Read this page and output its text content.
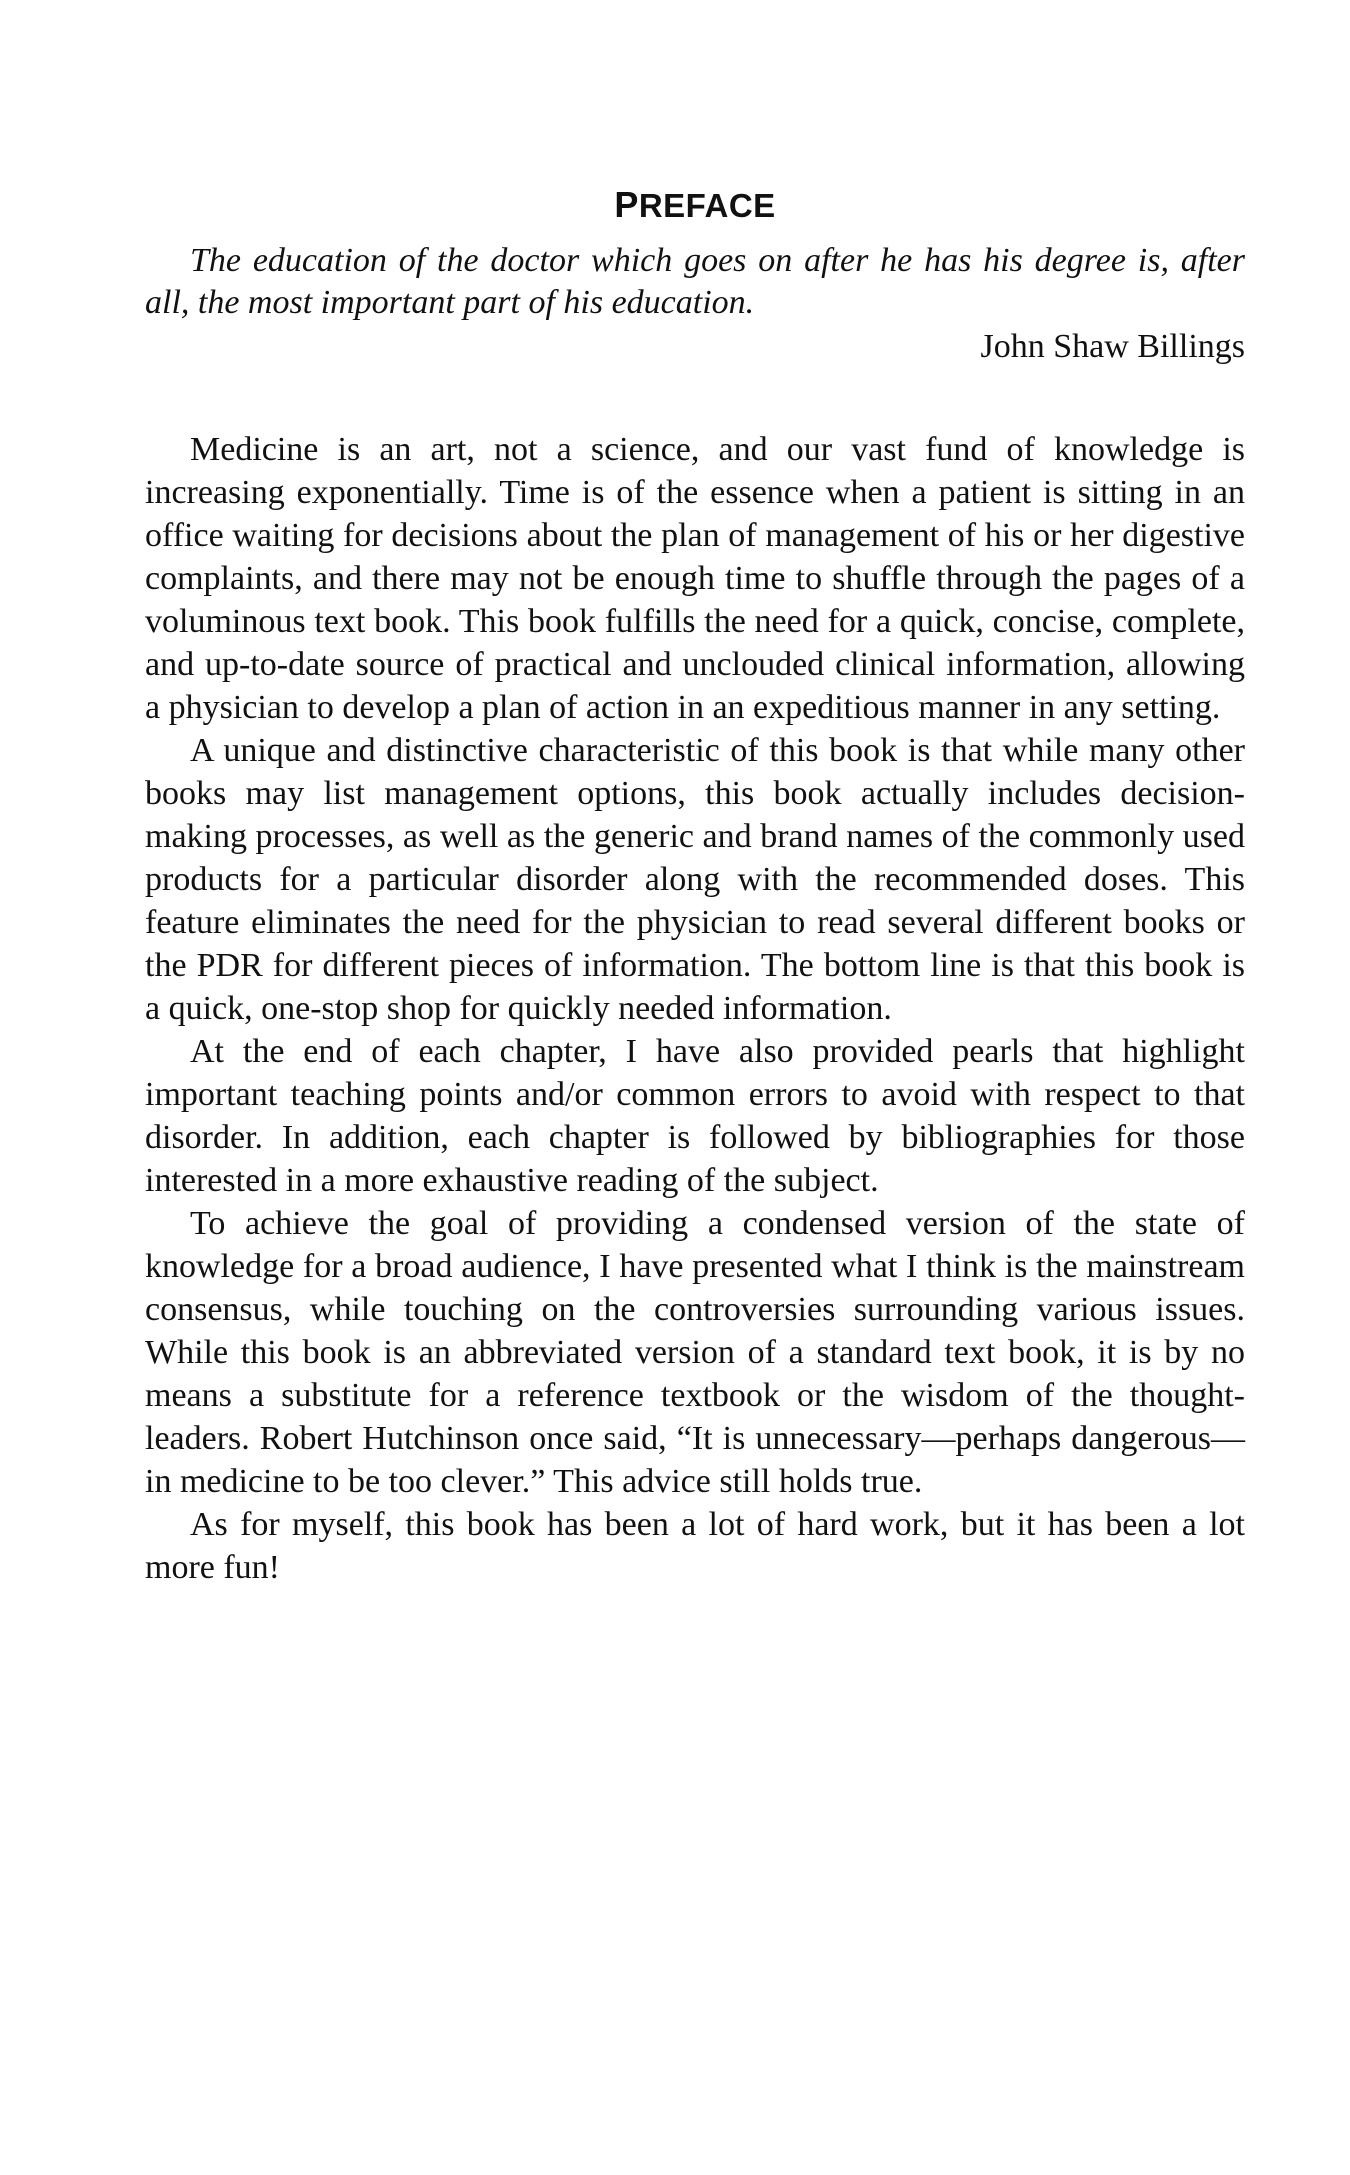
PREFACE

The education of the doctor which goes on after he has his degree is, after all, the most important part of his education.

John Shaw Billings

Medicine is an art, not a science, and our vast fund of knowledge is increasing exponentially. Time is of the essence when a patient is sitting in an office waiting for decisions about the plan of management of his or her digestive complaints, and there may not be enough time to shuffle through the pages of a voluminous text book. This book fulfills the need for a quick, concise, complete, and up-to-date source of practical and unclouded clinical information, allowing a physician to develop a plan of action in an expeditious manner in any setting.

A unique and distinctive characteristic of this book is that while many other books may list management options, this book actually includes decision-making processes, as well as the generic and brand names of the commonly used products for a particular disorder along with the recommended doses. This feature eliminates the need for the physician to read several different books or the PDR for different pieces of information. The bottom line is that this book is a quick, one-stop shop for quickly needed information.

At the end of each chapter, I have also provided pearls that highlight important teaching points and/or common errors to avoid with respect to that disorder. In addition, each chapter is followed by bibliographies for those interested in a more exhaustive reading of the subject.

To achieve the goal of providing a condensed version of the state of knowledge for a broad audience, I have presented what I think is the mainstream consensus, while touching on the controversies surrounding various issues. While this book is an abbreviated version of a standard text book, it is by no means a substitute for a reference textbook or the wisdom of the thought-leaders. Robert Hutchinson once said, “It is unnecessary—perhaps dangerous—in medicine to be too clever.” This advice still holds true.

As for myself, this book has been a lot of hard work, but it has been a lot more fun!
